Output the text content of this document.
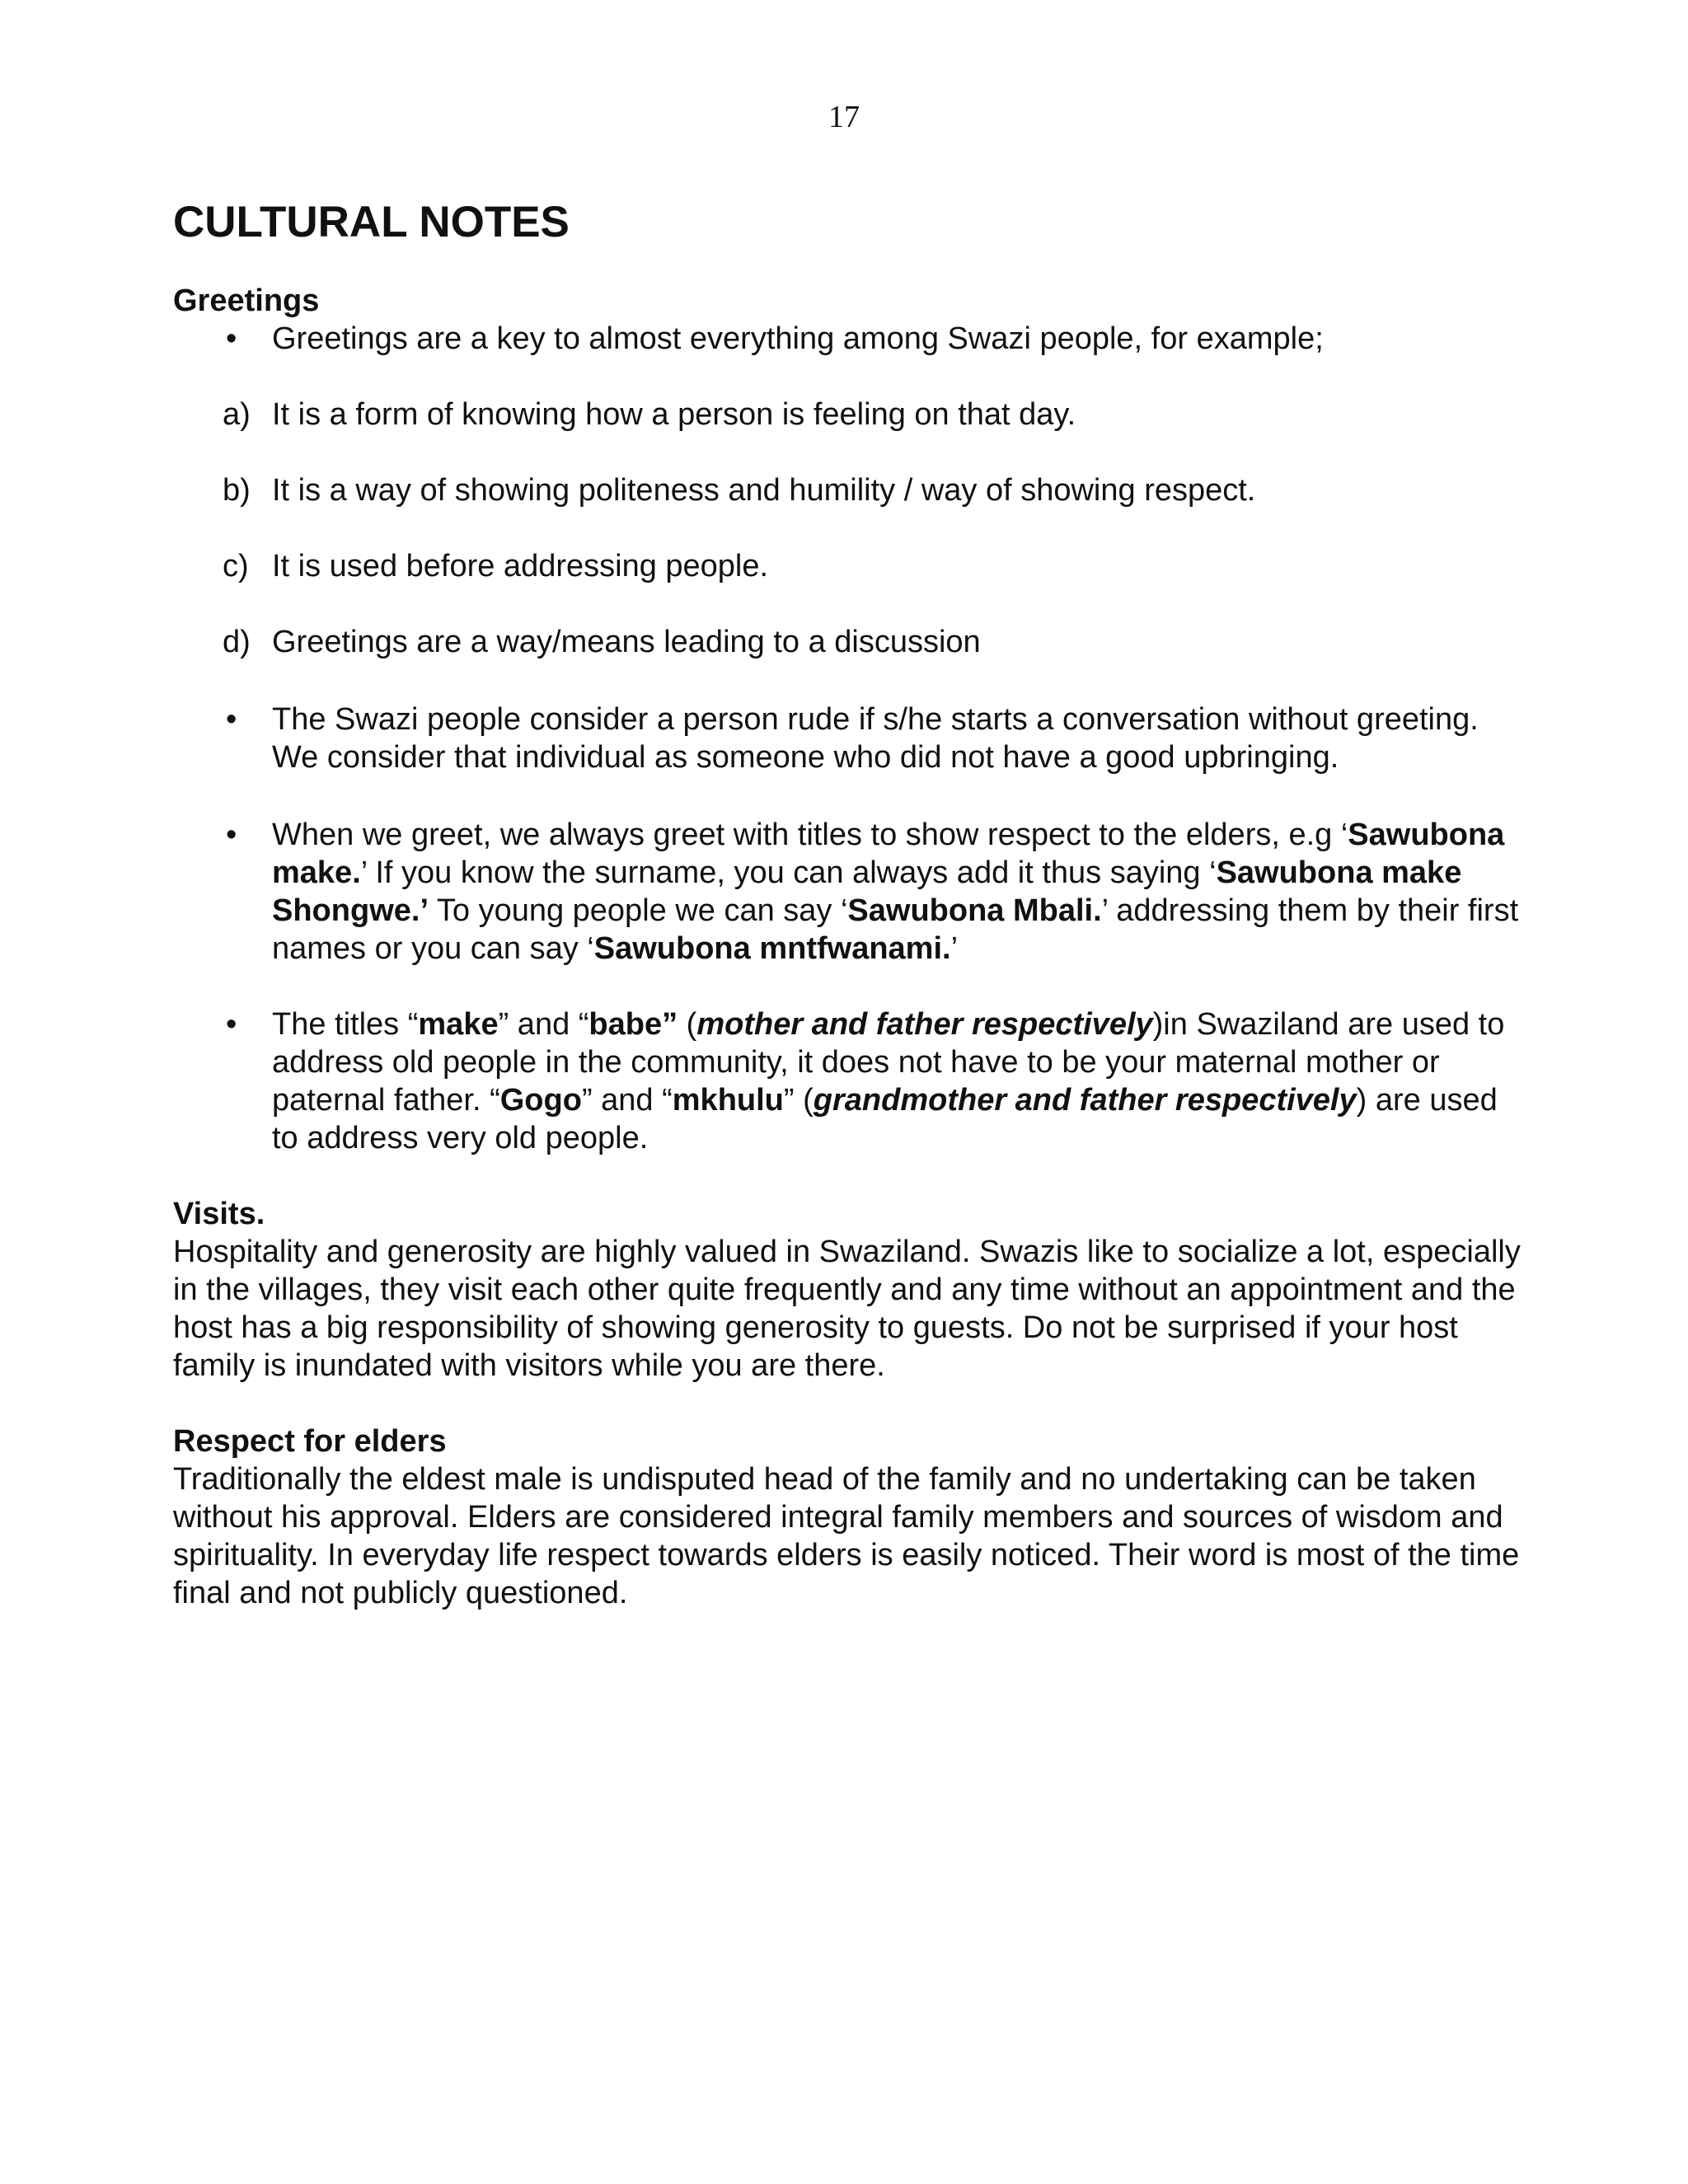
17
CULTURAL NOTES
Greetings
• Greetings are a key to almost everything among Swazi people, for example;
a) It is a form of knowing how a person is feeling on that day.
b) It is a way of showing politeness and humility / way of showing respect.
c) It is used before addressing people.
d) Greetings are a way/means leading to a discussion
• The Swazi people consider a person rude if s/he starts a conversation without greeting. We consider that individual as someone who did not have a good upbringing.
• When we greet, we always greet with titles to show respect to the elders, e.g ‘Sawubona make.’ If you know the surname, you can always add it thus saying ‘Sawubona make Shongwe.’ To young people we can say ‘Sawubona Mbali.’ addressing them by their first names or you can say ‘Sawubona mntfwanami.’
• The titles “make” and “babe” (mother and father respectively)in Swaziland are used to address old people in the community, it does not have to be your maternal mother or paternal father. “Gogo” and “mkhulu” (grandmother and father respectively) are used to address very old people.
Visits.

Hospitality and generosity are highly valued in Swaziland. Swazis like to socialize a lot, especially in the villages, they visit each other quite frequently and any time without an appointment and the host has a big responsibility of showing generosity to guests. Do not be surprised if your host family is inundated with visitors while you are there.

Respect for elders

Traditionally the eldest male is undisputed head of the family and no undertaking can be taken without his approval. Elders are considered integral family members and sources of wisdom and spirituality. In everyday life respect towards elders is easily noticed. Their word is most of the time final and not publicly questioned.
